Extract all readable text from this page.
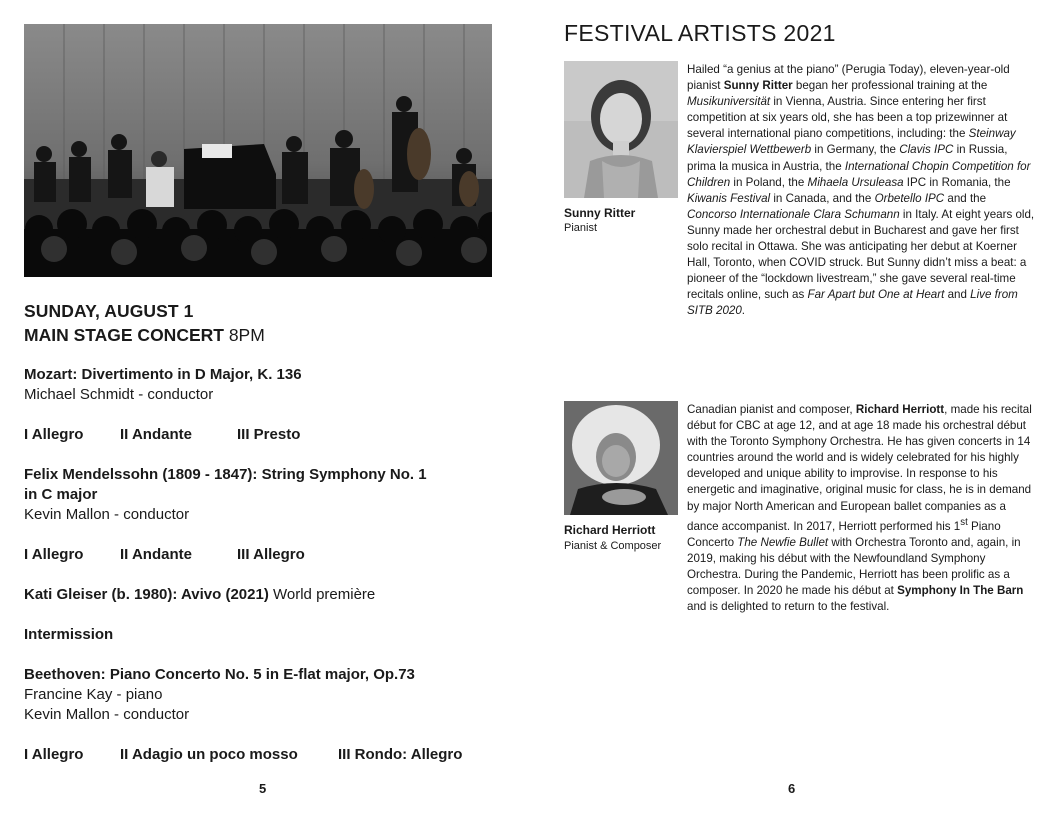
SUNDAY, AUGUST 1
MAIN STAGE CONCERT 8PM
Mozart: Divertimento in D Major, K. 136
Michael Schmidt - conductor
I Allegro	II Andante	III Presto
Felix Mendelssohn (1809 - 1847): String Symphony No. 1
in C major
Kevin Mallon - conductor
I Allegro	II Andante	III Allegro
Kati Gleiser (b. 1980): Avivo (2021) World première
Intermission
Beethoven: Piano Concerto No. 5 in E-flat major, Op.73
Francine Kay - piano
Kevin Mallon - conductor
I Allegro	II Adagio un poco mosso	III Rondo: Allegro
5
FESTIVAL ARTISTS 2021
Sunny Ritter
Pianist
Hailed “a genius at the piano” (Perugia Today), eleven-year-old pianist Sunny Ritter began her professional training at the Musikuniversität in Vienna, Austria. Since entering her first competition at six years old, she has been a top prizewinner at several international piano competitions, including: the Steinway Klavierspiel Wettbewerb in Germany, the Clavis IPC in Russia, prima la musica in Austria, the International Chopin Competition for Children in Poland, the Mihaela Ursuleasa IPC in Romania, the Kiwanis Festival in Canada, and the Orbetello IPC and the Concorso Internationale Clara Schumann in Italy. At eight years old, Sunny made her orchestral debut in Bucharest and gave her first solo recital in Ottawa. She was anticipating her debut at Koerner Hall, Toronto, when COVID struck. But Sunny didn’t miss a beat: a pioneer of the “lockdown livestream,” she gave several real-time recitals online, such as Far Apart but One at Heart and Live from SITB 2020.
Richard Herriott
Pianist & Composer
Canadian pianist and composer, Richard Herriott, made his recital début for CBC at age 12, and at age 18 made his orchestral début with the Toronto Symphony Orchestra. He has given concerts in 14 countries around the world and is widely celebrated for his highly developed and unique ability to improvise. In response to his energetic and imaginative, original music for class, he is in demand by major North American and European ballet companies as a dance accompanist. In 2017, Herriott performed his 1st Piano Concerto The Newfie Bullet with Orchestra Toronto and, again, in 2019, making his début with the Newfoundland Symphony Orchestra. During the Pandemic, Herriott has been prolific as a composer. In 2020 he made his début at Symphony In The Barn and is delighted to return to the festival.
6
